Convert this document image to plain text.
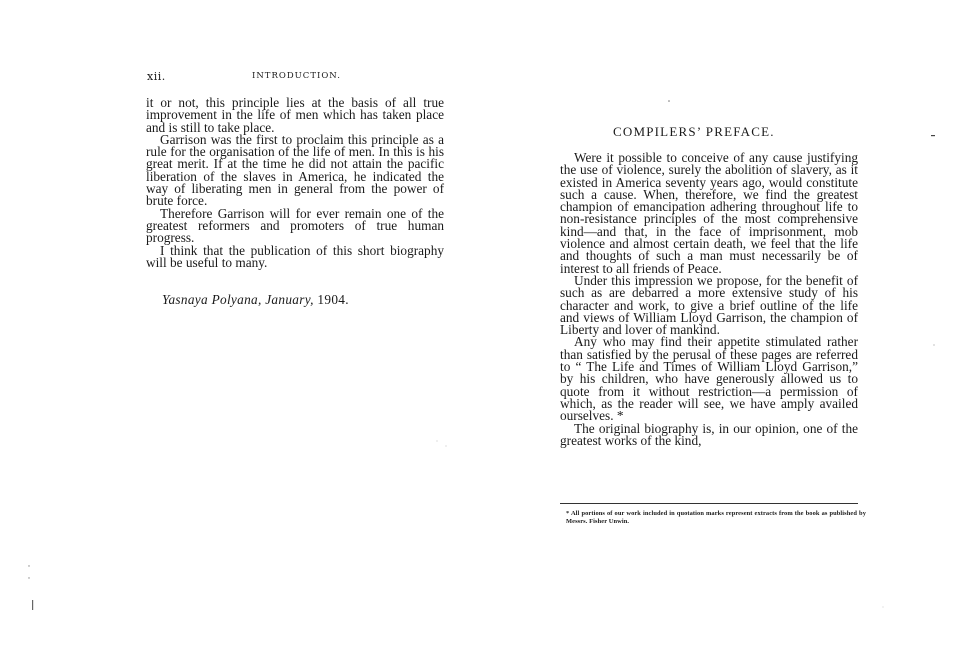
xii.	INTRODUCTION.

it or not, this principle lies at the basis of all true improvement in the life of men which has taken place and is still to take place.

Garrison was the first to proclaim this principle as a rule for the organisation of the life of men. In this is his great merit. If at the time he did not attain the pacific liberation of the slaves in America, he indicated the way of liberating men in general from the power of brute force.

Therefore Garrison will for ever remain one of the greatest reformers and promoters of true human progress.

I think that the publication of this short biography will be useful to many.

Yasnaya Polyana, January, 1904.
COMPILERS’ PREFACE.

Were it possible to conceive of any cause justifying the use of violence, surely the abolition of slavery, as it existed in America seventy years ago, would constitute such a cause. When, therefore, we find the greatest champion of emancipation adhering throughout life to non-resistance principles of the most comprehensive kind—and that, in the face of imprisonment, mob violence and almost certain death, we feel that the life and thoughts of such a man must necessarily be of interest to all friends of Peace.

Under this impression we propose, for the benefit of such as are debarred a more extensive study of his character and work, to give a brief outline of the life and views of William Lloyd Garrison, the champion of Liberty and lover of mankind.

Any who may find their appetite stimulated rather than satisfied by the perusal of these pages are referred to “ The Life and Times of William Lloyd Garrison,” by his children, who have generously allowed us to quote from it without restriction—a permission of which, as the reader will see, we have amply availed ourselves. *

The original biography is, in our opinion, one of the greatest works of the kind,

* All portions of our work included in quotation marks represent extracts from the book as published by Messrs. Fisher Unwin.
